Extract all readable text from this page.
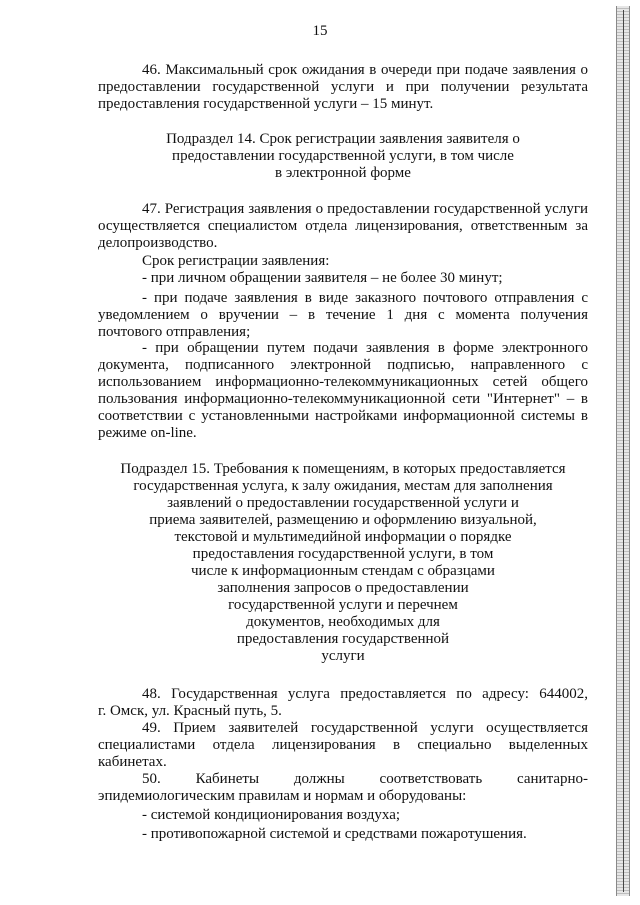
15
46. Максимальный срок ожидания в очереди при подаче заявления о
предоставлении государственной услуги и при получении результата
предоставления государственной услуги – 15 минут.
Подраздел 14. Срок регистрации заявления заявителя о
предоставлении государственной услуги, в том числе
в электронной форме
47. Регистрация заявления о предоставлении государственной услуги
осуществляется специалистом отдела лицензирования, ответственным за
делопроизводство.
Срок регистрации заявления:
- при личном обращении заявителя – не более 30 минут;
- при подаче заявления в виде заказного почтового отправления с
уведомлением о вручении – в течение 1 дня с момента получения
почтового отправления;
- при обращении путем подачи заявления в форме электронного
документа, подписанного электронной подписью, направленного с
использованием информационно-телекоммуникационных сетей общего
пользования информационно-телекоммуникационной сети "Интернет" – в
соответствии с установленными настройками информационной системы в
режиме on-line.
Подраздел 15. Требования к помещениям, в которых предоставляется
государственная услуга, к залу ожидания, местам для заполнения
заявлений о предоставлении государственной услуги и
приема заявителей, размещению и оформлению визуальной,
текстовой и мультимедийной информации о порядке
предоставления государственной услуги, в том
числе к информационным стендам с образцами
заполнения запросов о предоставлении
государственной услуги и перечнем
документов, необходимых для
предоставления государственной
услуги
48. Государственная услуга предоставляется по адресу: 644002,
г. Омск, ул. Красный путь, 5.
49. Прием заявителей государственной услуги осуществляется
специалистами отдела лицензирования в специально выделенных
кабинетах.
50. Кабинеты должны соответствовать санитарно-
эпидемиологическим правилам и нормам и оборудованы:
- системой кондиционирования воздуха;
- противопожарной системой и средствами пожаротушения.
